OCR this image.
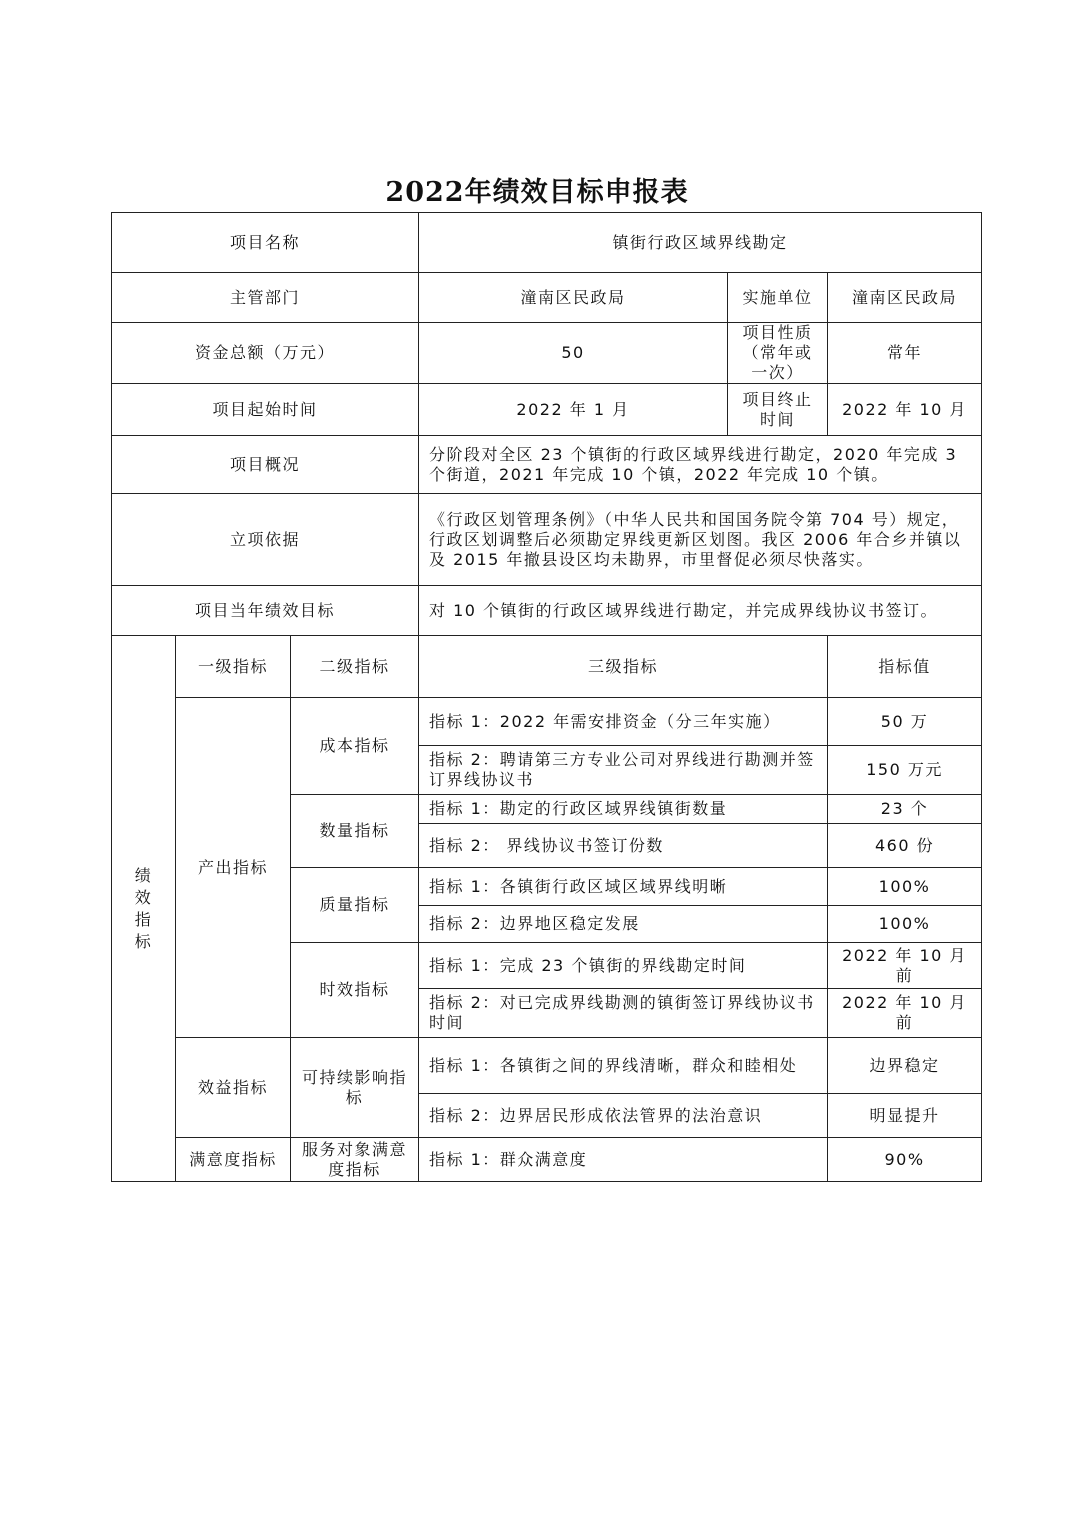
2022年绩效目标申报表
项目名称			镇街行政区域界线勘定		
主管部门			潼南区民政局	实施单位	潼南区民政局
资金总额（万元）			50	项目性质（常年或一次）	常年
项目起始时间			2022 年 1 月	项目终止时间	2022 年 10 月
项目概况			分阶段对全区 23 个镇街的行政区域界线进行勘定，2020 年完成 3 个街道，2021 年完成 10 个镇，2022 年完成 10 个镇。		
立项依据			《行政区划管理条例》（中华人民共和国国务院令第 704 号）规定，行政区划调整后必须勘定界线更新区划图。我区 2006 年合乡并镇以及 2015 年撤县设区均未勘界，市里督促必须尽快落实。		
项目当年绩效目标			对 10 个镇街的行政区域界线进行勘定，并完成界线协议书签订。		
绩效指标	一级指标	二级指标	三级指标		指标值
	产出指标	成本指标	指标 1：2022 年需安排资金（分三年实施）		50 万
			指标 2：聘请第三方专业公司对界线进行勘测并签订界线协议书		150 万元
		数量指标	指标 1：勘定的行政区域界线镇街数量		23 个
			指标 2： 界线协议书签订份数		460 份
		质量指标	指标 1：各镇街行政区域区域界线明晰		100%
			指标 2：边界地区稳定发展		100%
		时效指标	指标 1：完成 23 个镇街的界线勘定时间		2022 年 10 月前
			指标 2：对已完成界线勘测的镇街签订界线协议书时间		2022 年 10 月前
	效益指标	可持续影响指标	指标 1：各镇街之间的界线清晰，群众和睦相处		边界稳定
			指标 2：边界居民形成依法管界的法治意识		明显提升
	满意度指标	服务对象满意度指标	指标 1：群众满意度		90%
